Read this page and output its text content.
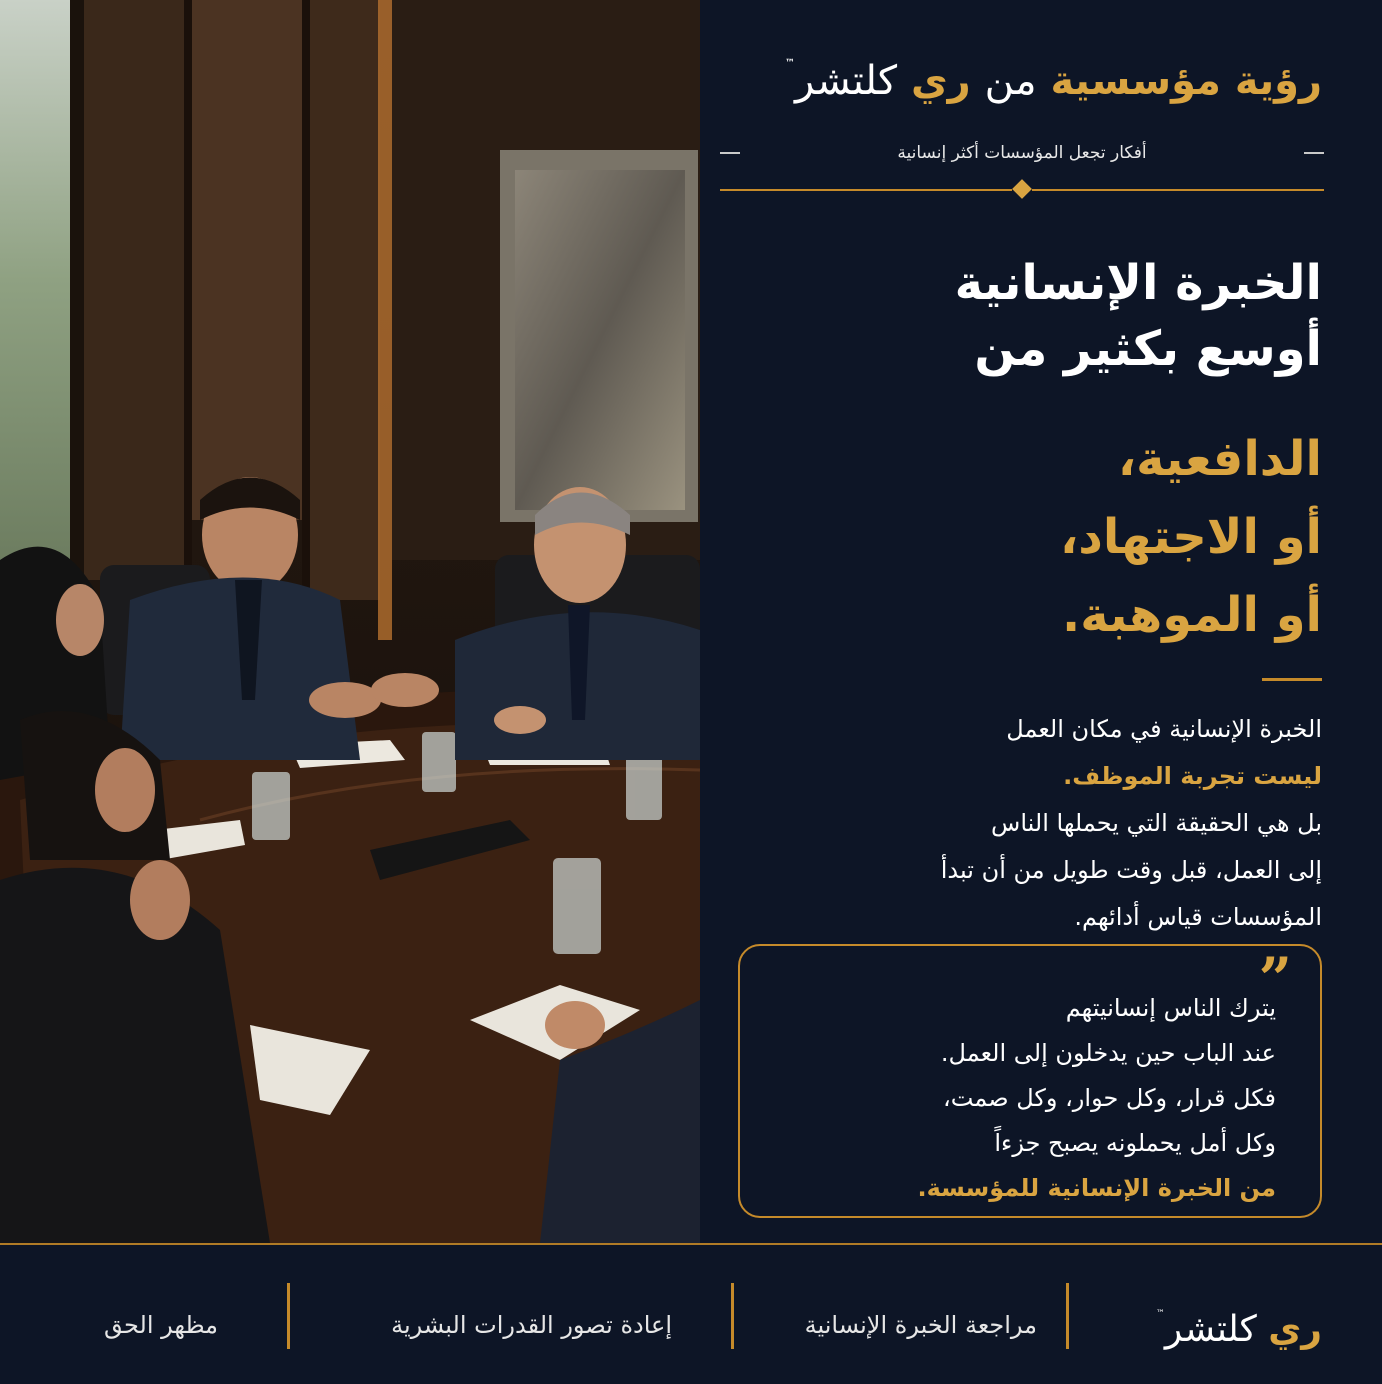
رؤية مؤسسية من ري كلتشر™
أفكار تجعل المؤسسات أكثر إنسانية
الخبرة الإنسانية
أوسع بكثير من
الدافعية،
أو الاجتهاد،
أو الموهبة.
الخبرة الإنسانية في مكان العمل
ليست تجربة الموظف.
بل هي الحقيقة التي يحملها الناس
إلى العمل، قبل وقت طويل من أن تبدأ
المؤسسات قياس أدائهم.
”
يترك الناس إنسانيتهم
عند الباب حين يدخلون إلى العمل.
فكل قرار، وكل حوار، وكل صمت،
وكل أمل يحملونه يصبح جزءاً
من الخبرة الإنسانية للمؤسسة.
ري كلتشر™
مراجعة الخبرة الإنسانية
إعادة تصور القدرات البشرية
مظهر الحق
